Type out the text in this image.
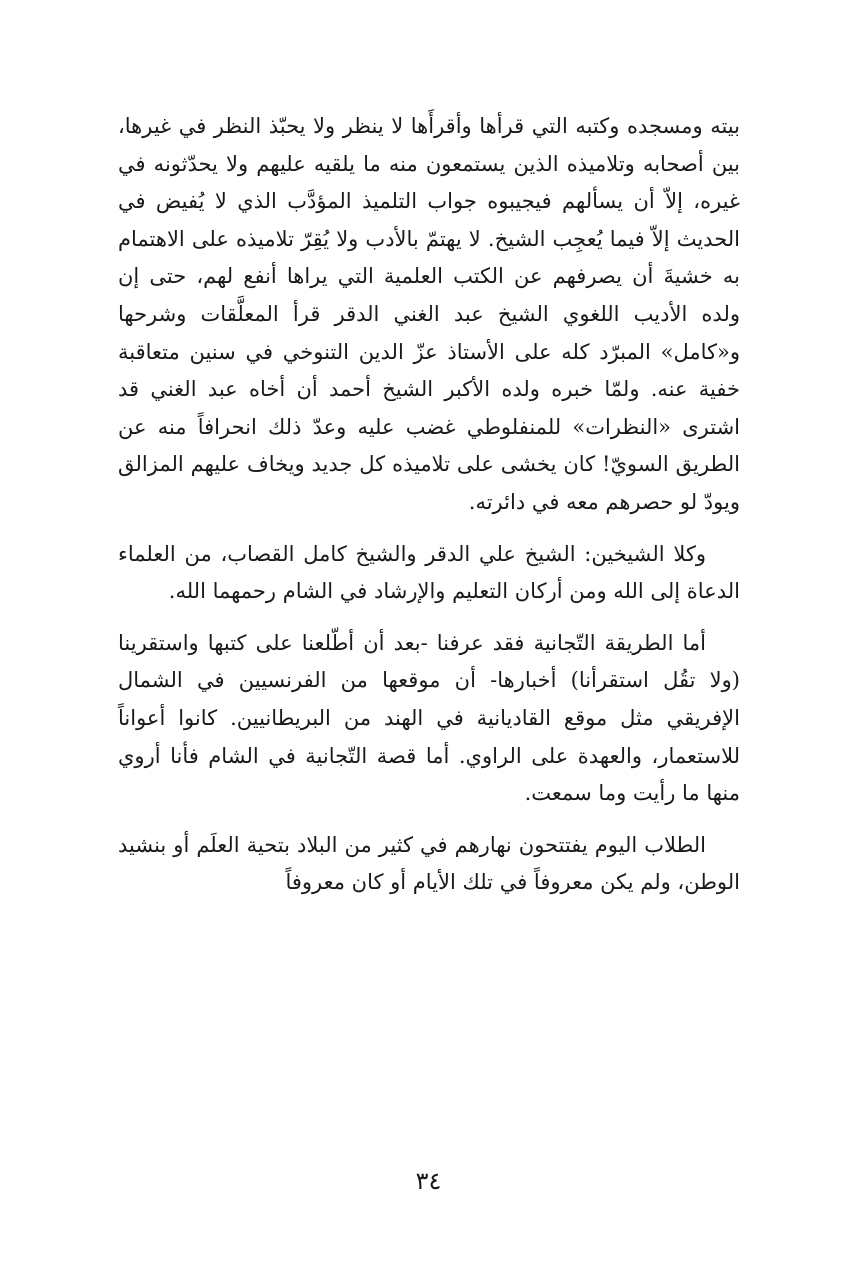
بيته ومسجده وكتبه التي قرأها وأقرأَها لا ينظر ولا يحبّذ النظر في غيرها، بين أصحابه وتلاميذه الذين يستمعون منه ما يلقيه عليهم ولا يحدّثونه في غيره، إلاّ أن يسألهم فيجيبوه جواب التلميذ المؤدَّب الذي لا يُفيض في الحديث إلاّ فيما يُعجِب الشيخ. لا يهتمّ بالأدب ولا يُقِرّ تلاميذه على الاهتمام به خشيةَ أن يصرفهم عن الكتب العلمية التي يراها أنفع لهم، حتى إن ولده الأديب اللغوي الشيخ عبد الغني الدقر قرأ المعلَّقات وشرحها و«كامل» المبرّد كله على الأستاذ عزّ الدين التنوخي في سنين متعاقبة خفية عنه. ولمّا خبره ولده الأكبر الشيخ أحمد أن أخاه عبد الغني قد اشترى «النظرات» للمنفلوطي غضب عليه وعدّ ذلك انحرافاً منه عن الطريق السويّ! كان يخشى على تلاميذه كل جديد ويخاف عليهم المزالق ويودّ لو حصرهم معه في دائرته.

وكلا الشيخين: الشيخ علي الدقر والشيخ كامل القصاب، من العلماء الدعاة إلى الله ومن أركان التعليم والإرشاد في الشام رحمهما الله.

أما الطريقة التّجانية فقد عرفنا -بعد أن أطّلعنا على كتبها واستقرينا (ولا تقُل استقرأنا) أخبارها- أن موقعها من الفرنسيين في الشمال الإفريقي مثل موقع القاديانية في الهند من البريطانيين. كانوا أعواناً للاستعمار، والعهدة على الراوي. أما قصة التّجانية في الشام فأنا أروي منها ما رأيت وما سمعت.

الطلاب اليوم يفتتحون نهارهم في كثير من البلاد بتحية العلَم أو بنشيد الوطن، ولم يكن معروفاً في تلك الأيام أو كان معروفاً

٣٤
